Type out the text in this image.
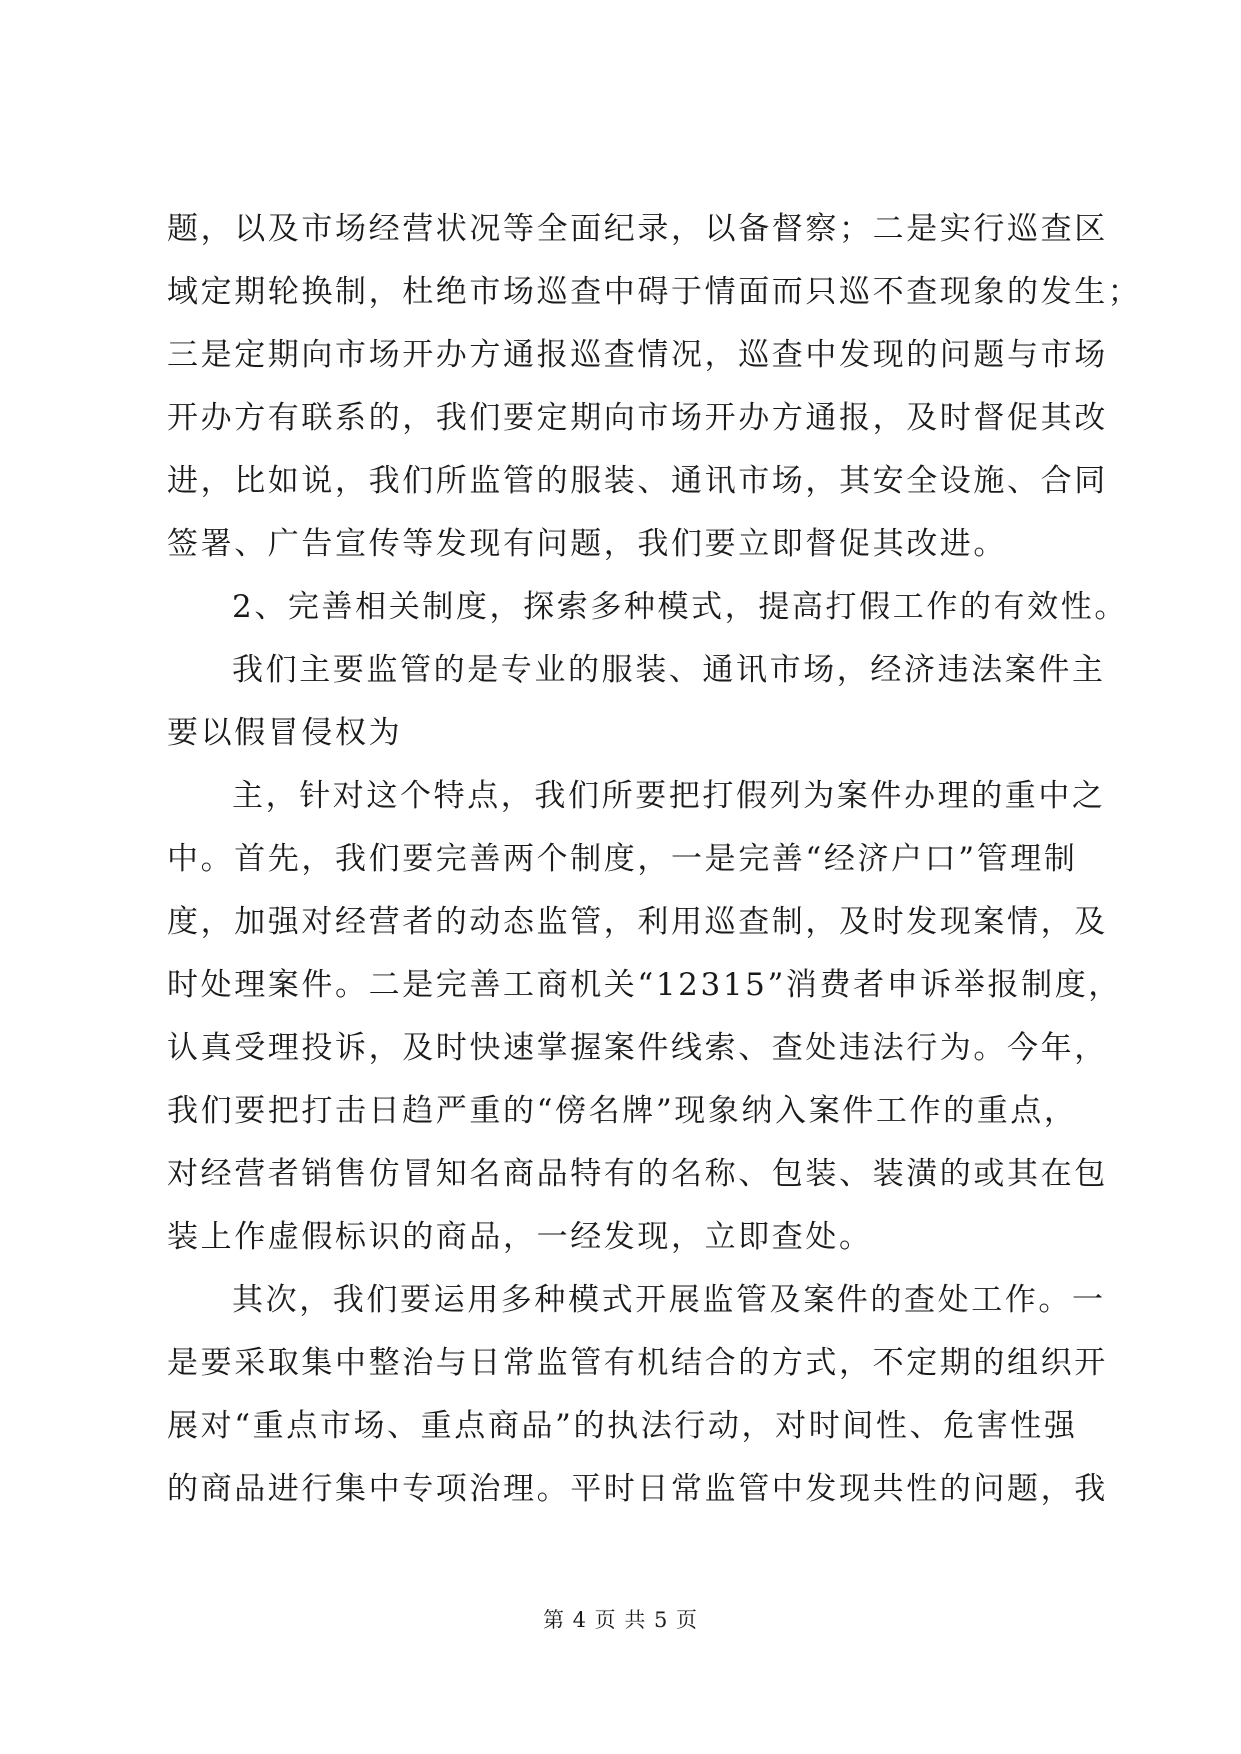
题，以及市场经营状况等全面纪录，以备督察；二是实行巡查区
域定期轮换制，杜绝市场巡查中碍于情面而只巡不查现象的发生；
三是定期向市场开办方通报巡查情况，巡查中发现的问题与市场
开办方有联系的，我们要定期向市场开办方通报，及时督促其改
进，比如说，我们所监管的服装、通讯市场，其安全设施、合同
签署、广告宣传等发现有问题，我们要立即督促其改进。
2、完善相关制度，探索多种模式，提高打假工作的有效性。
我们主要监管的是专业的服装、通讯市场，经济违法案件主
要以假冒侵权为
主，针对这个特点，我们所要把打假列为案件办理的重中之
中。首先，我们要完善两个制度，一是完善“经济户口”管理制
度，加强对经营者的动态监管，利用巡查制，及时发现案情，及
时处理案件。二是完善工商机关“12315”消费者申诉举报制度，
认真受理投诉，及时快速掌握案件线索、查处违法行为。今年，
我们要把打击日趋严重的“傍名牌”现象纳入案件工作的重点，
对经营者销售仿冒知名商品特有的名称、包装、装潢的或其在包
装上作虚假标识的商品，一经发现，立即查处。
其次，我们要运用多种模式开展监管及案件的查处工作。一
是要采取集中整治与日常监管有机结合的方式，不定期的组织开
展对“重点市场、重点商品”的执法行动，对时间性、危害性强
的商品进行集中专项治理。平时日常监管中发现共性的问题，我
第 4 页 共 5 页
